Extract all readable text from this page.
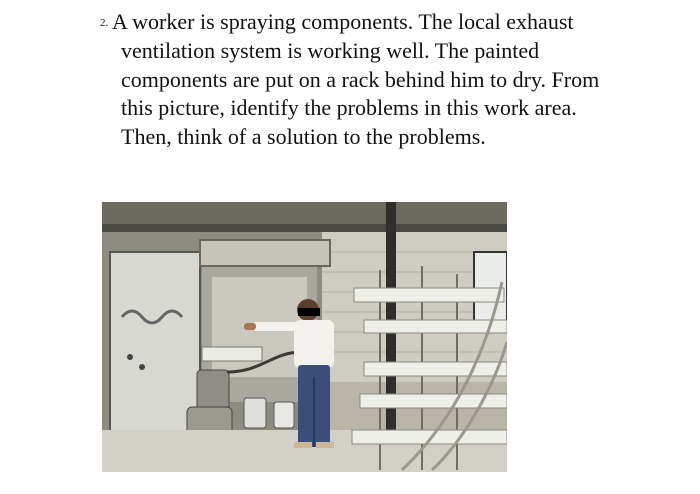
2. A worker is spraying components. The local exhaust ventilation system is working well. The painted components are put on a rack behind him to dry. From this picture, identify the problems in this work area. Then, think of a solution to the problems.
